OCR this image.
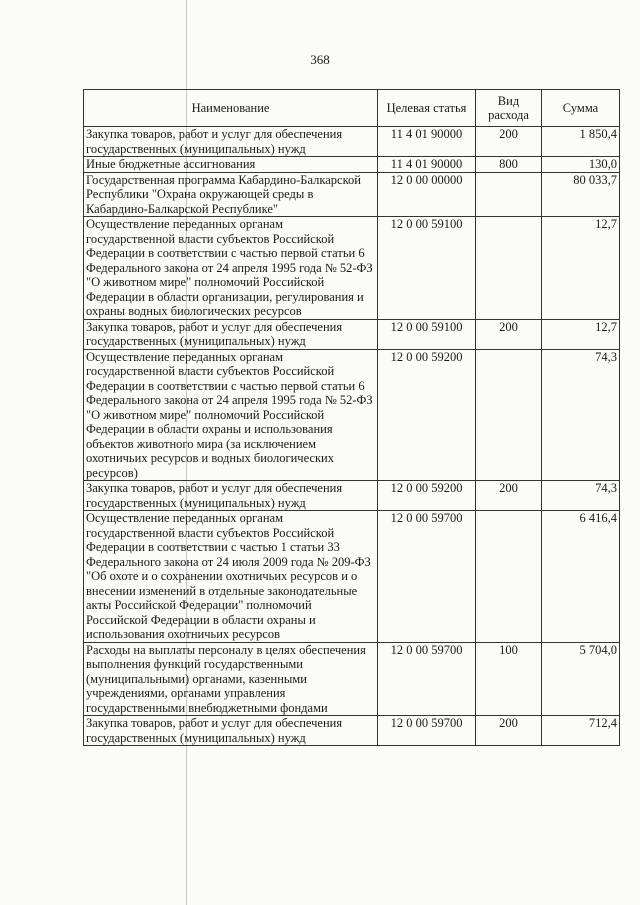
368
Наименование	Целевая статья	Вид расхода	Сумма
Закупка товаров, работ и услуг для обеспечения государственных (муниципальных) нужд	11 4 01 90000	200	1 850,4
Иные бюджетные ассигнования	11 4 01 90000	800	130,0
Государственная программа Кабардино-Балкарской Республики "Охрана окружающей среды в Кабардино-Балкарской Республике"	12 0 00 00000		80 033,7
Осуществление переданных органам государственной власти субъектов Российской Федерации в соответствии с частью первой статьи 6 Федерального закона от 24 апреля 1995 года № 52-ФЗ "О животном мире" полномочий Российской Федерации в области организации, регулирования и охраны водных биологических ресурсов	12 0 00 59100		12,7
Закупка товаров, работ и услуг для обеспечения государственных (муниципальных) нужд	12 0 00 59100	200	12,7
Осуществление переданных органам государственной власти субъектов Российской Федерации в соответствии с частью первой статьи 6 Федерального закона от 24 апреля 1995 года № 52-ФЗ "О животном мире" полномочий Российской Федерации в области охраны и использования объектов животного мира (за исключением охотничьих ресурсов и водных биологических ресурсов)	12 0 00 59200		74,3
Закупка товаров, работ и услуг для обеспечения государственных (муниципальных) нужд	12 0 00 59200	200	74,3
Осуществление переданных органам государственной власти субъектов Российской Федерации в соответствии с частью 1 статьи 33 Федерального закона от 24 июля 2009 года № 209-ФЗ "Об охоте и о сохранении охотничьих ресурсов и о внесении изменений в отдельные законодательные акты Российской Федерации" полномочий Российской Федерации в области охраны и использования охотничьих ресурсов	12 0 00 59700		6 416,4
Расходы на выплаты персоналу в целях обеспечения выполнения функций государственными (муниципальными) органами, казенными учреждениями, органами управления государственными внебюджетными фондами	12 0 00 59700	100	5 704,0
Закупка товаров, работ и услуг для обеспечения государственных (муниципальных) нужд	12 0 00 59700	200	712,4
